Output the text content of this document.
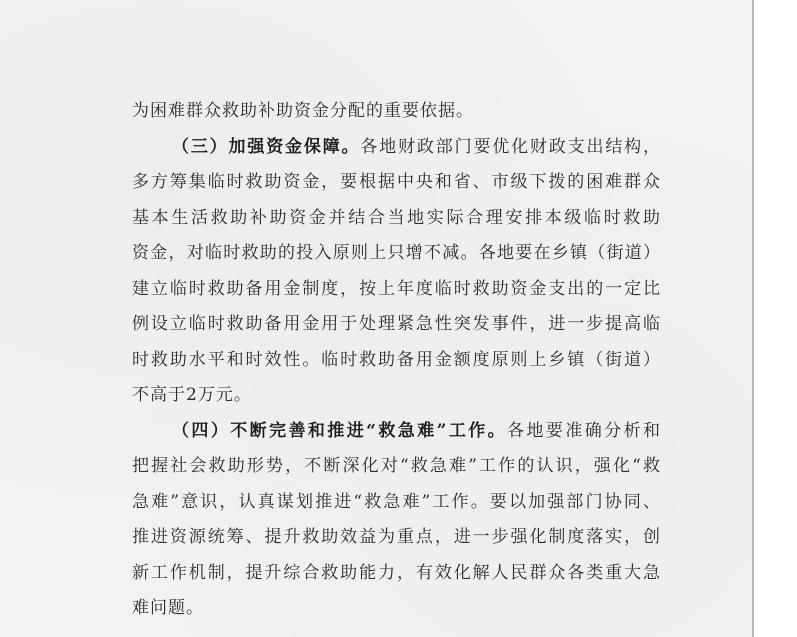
为困难群众救助补助资金分配的重要依据。
（三）加强资金保障。各地财政部门要优化财政支出结构，
多方筹集临时救助资金，要根据中央和省、市级下拨的困难群众
基本生活救助补助资金并结合当地实际合理安排本级临时救助
资金，对临时救助的投入原则上只增不减。各地要在乡镇（街道）
建立临时救助备用金制度，按上年度临时救助资金支出的一定比
例设立临时救助备用金用于处理紧急性突发事件，进一步提高临
时救助水平和时效性。临时救助备用金额度原则上乡镇（街道）
不高于2万元。
（四）不断完善和推进“救急难”工作。各地要准确分析和
把握社会救助形势，不断深化对“救急难”工作的认识，强化“救
急难”意识，认真谋划推进“救急难”工作。要以加强部门协同、
推进资源统筹、提升救助效益为重点，进一步强化制度落实，创
新工作机制，提升综合救助能力，有效化解人民群众各类重大急
难问题。
